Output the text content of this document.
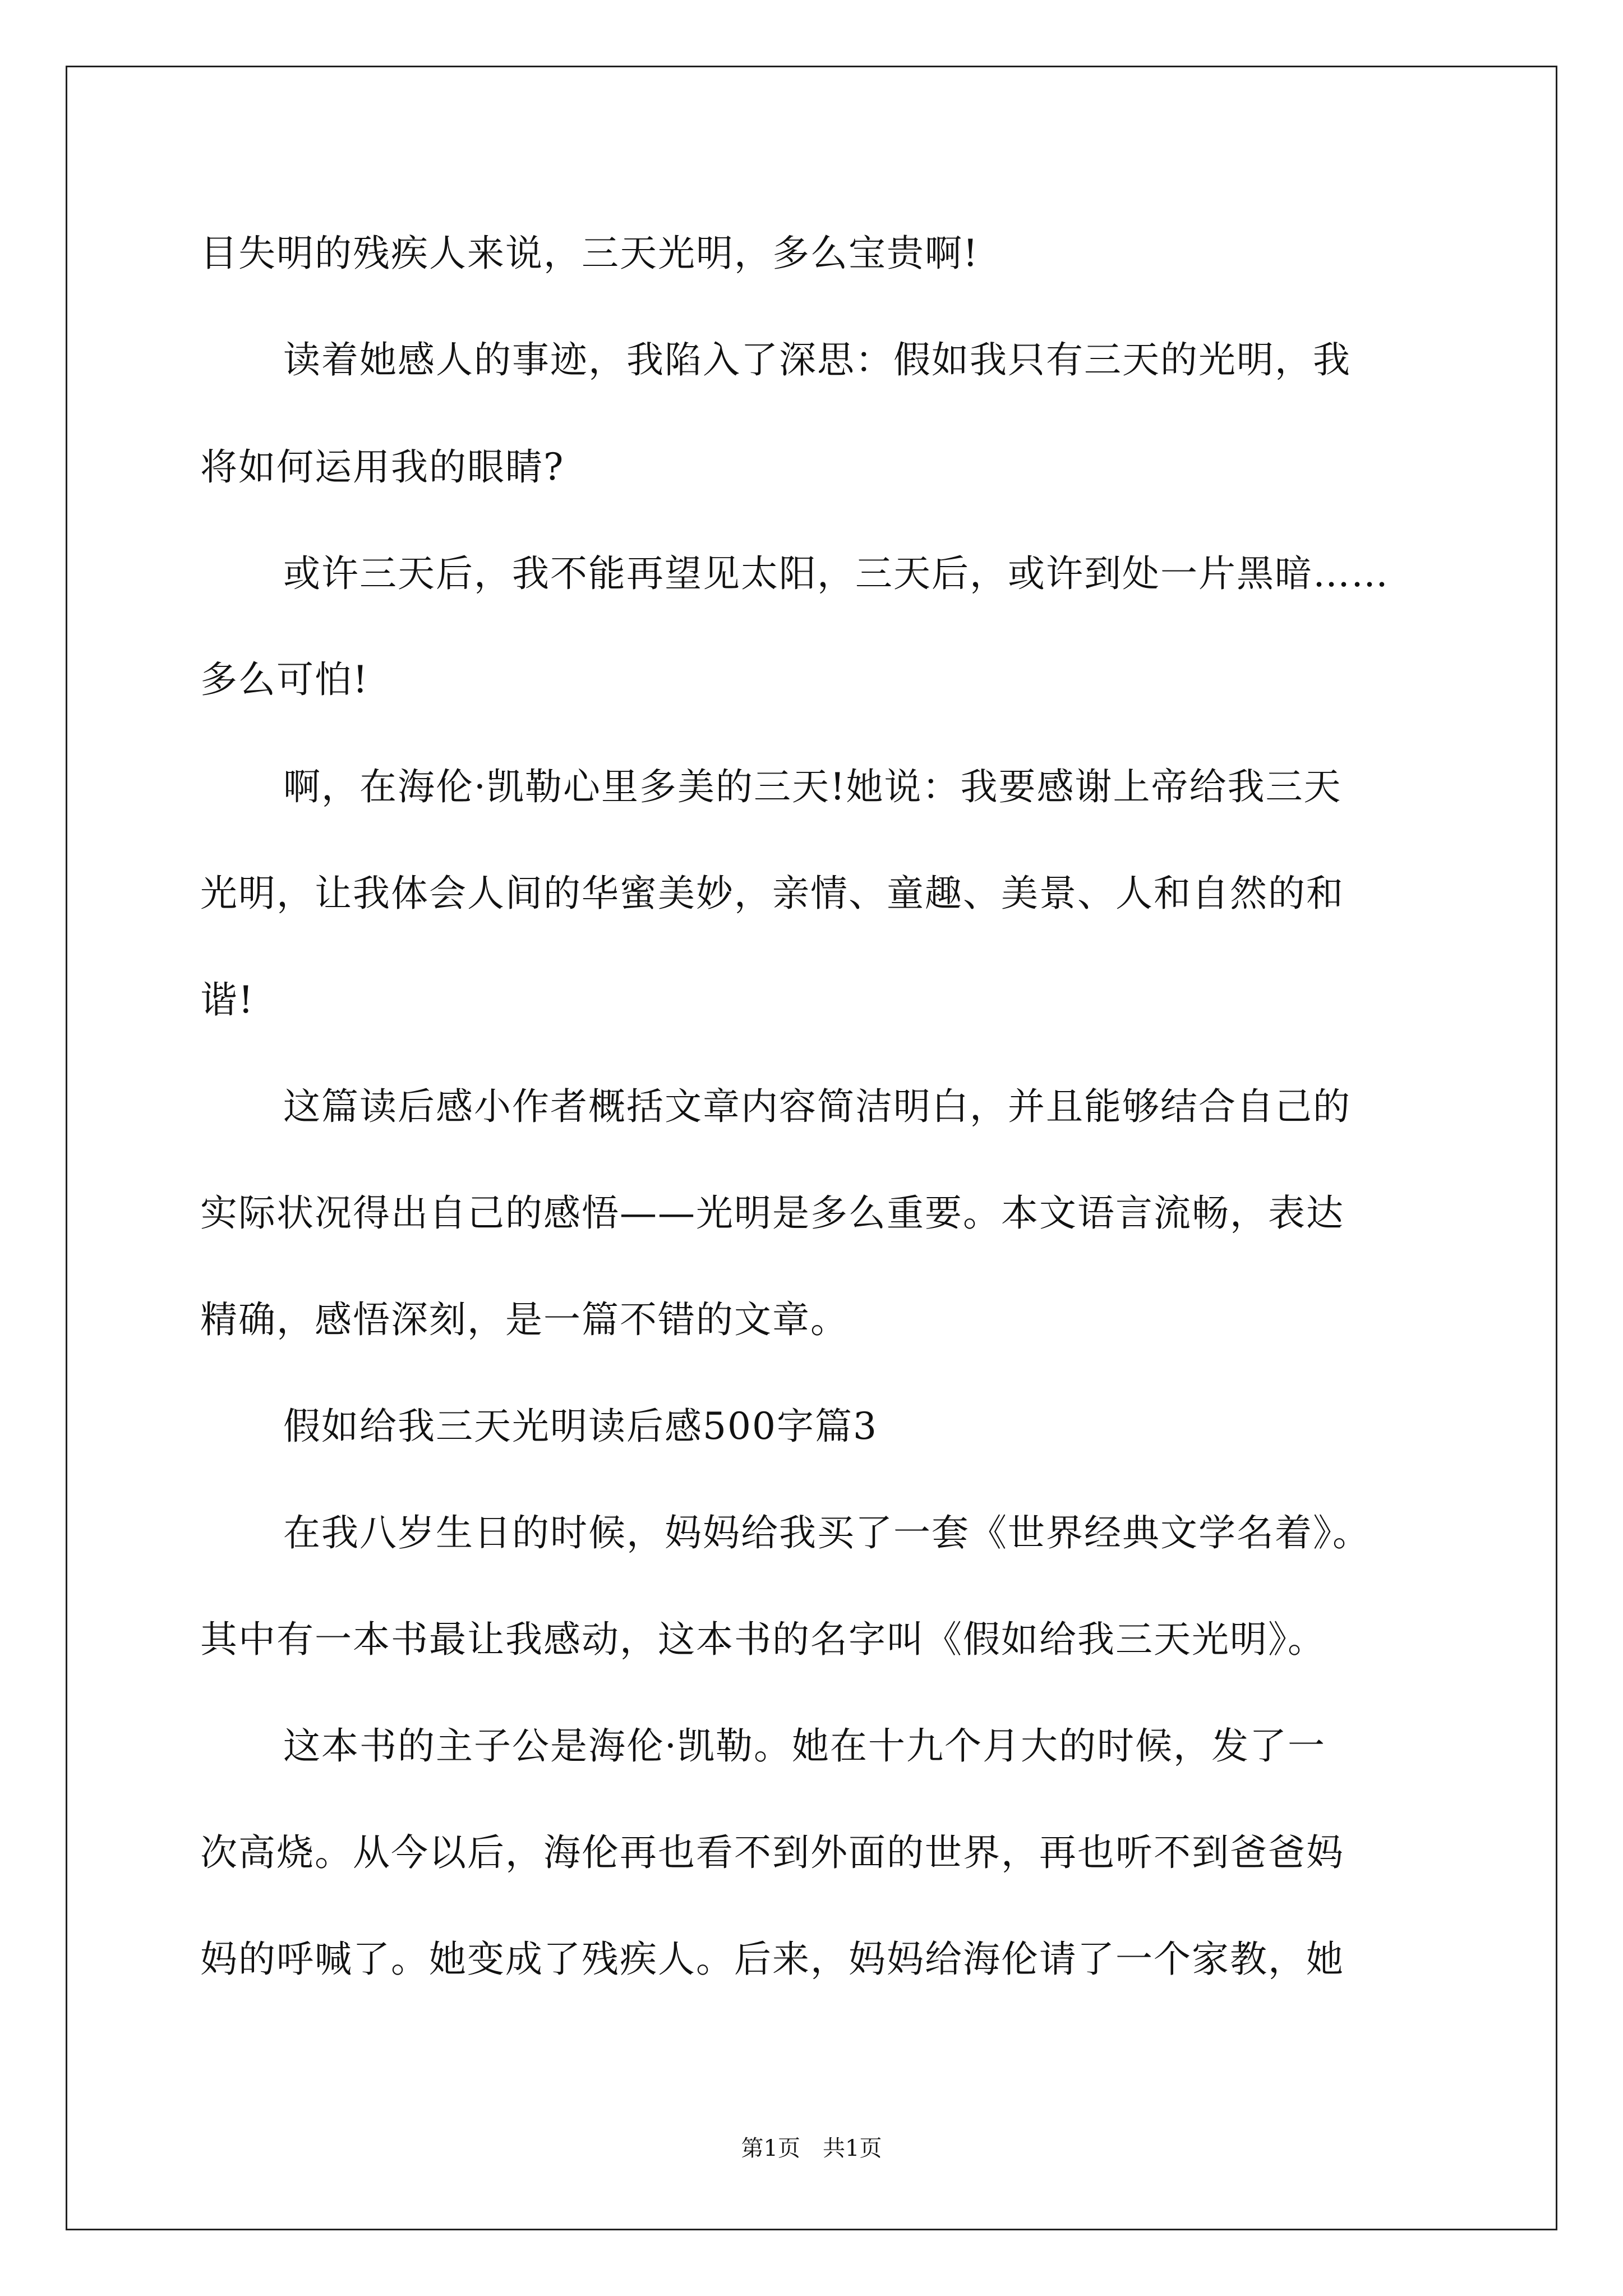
目失明的残疾人来说，三天光明，多么宝贵啊!
读着她感人的事迹，我陷入了深思：假如我只有三天的光明，我
将如何运用我的眼睛?
或许三天后，我不能再望见太阳，三天后，或许到处一片黑暗……
多么可怕!
啊，在海伦·凯勒心里多美的三天!她说：我要感谢上帝给我三天
光明，让我体会人间的华蜜美妙，亲情、童趣、美景、人和自然的和
谐!
这篇读后感小作者概括文章内容简洁明白，并且能够结合自己的
实际状况得出自己的感悟——光明是多么重要。本文语言流畅，表达
精确，感悟深刻，是一篇不错的文章。
假如给我三天光明读后感500字篇3
在我八岁生日的时候，妈妈给我买了一套《世界经典文学名着》。
其中有一本书最让我感动，这本书的名字叫《假如给我三天光明》。
这本书的主子公是海伦·凯勒。她在十九个月大的时候，发了一
次高烧。从今以后，海伦再也看不到外面的世界，再也听不到爸爸妈
妈的呼喊了。她变成了残疾人。后来，妈妈给海伦请了一个家教，她
第1页　共1页
